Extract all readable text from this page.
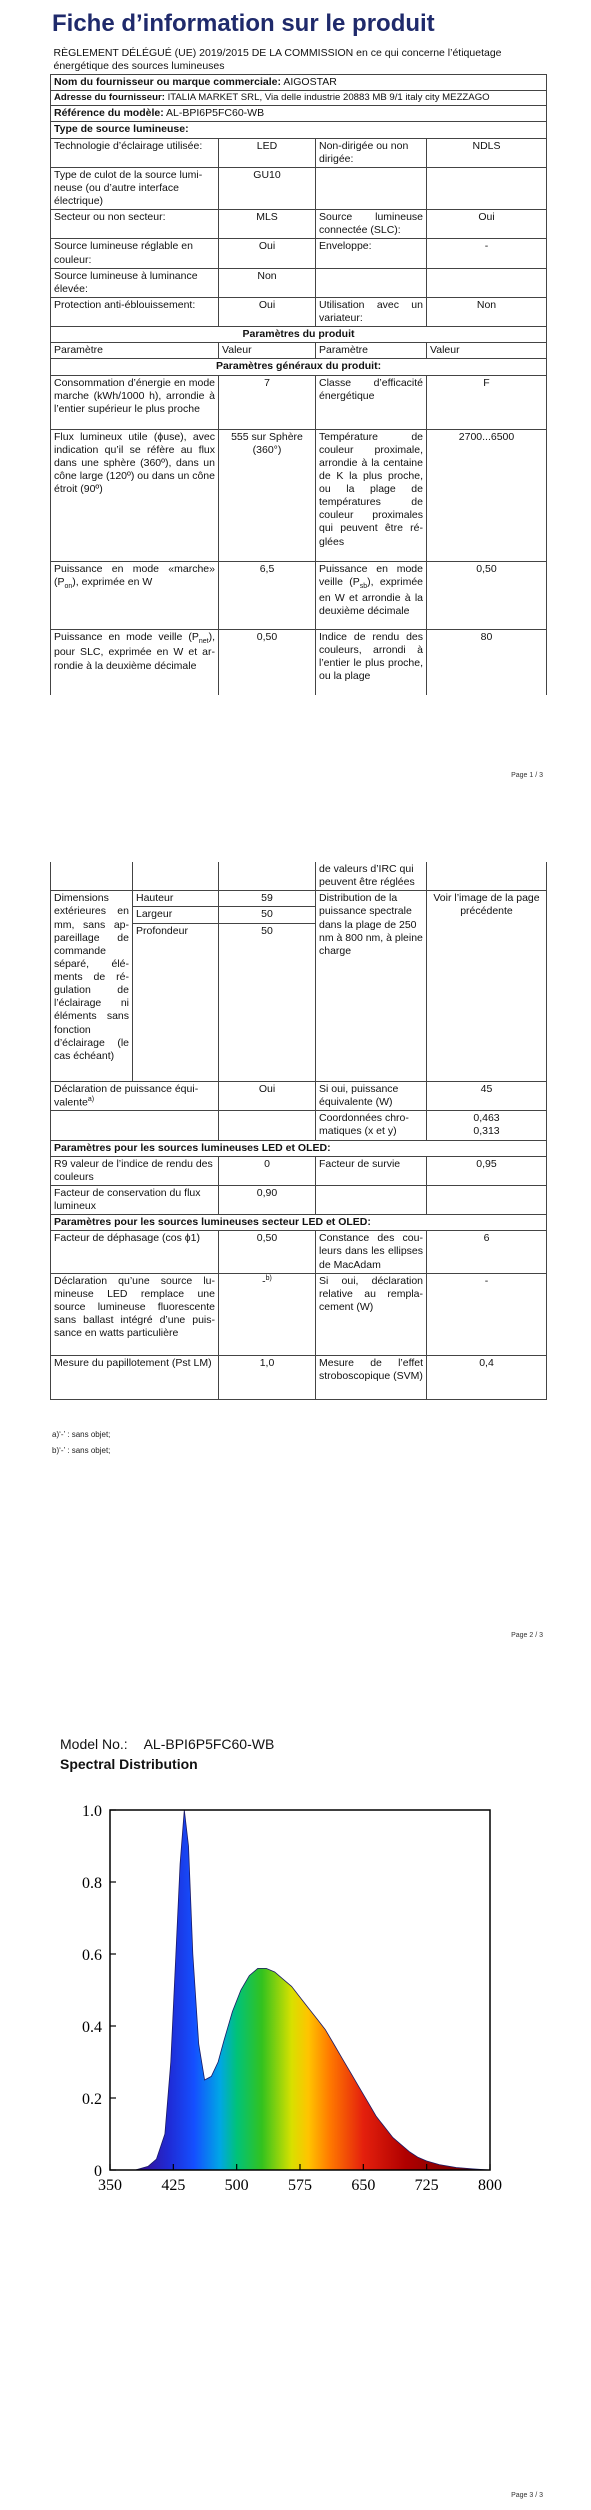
Fiche d’information sur le produit
RÈGLEMENT DÉLÉGUÉ (UE) 2019/2015 DE LA COMMISSION en ce qui concerne l’étiquetage énergétique des sources lumineuses			
Nom du fournisseur ou marque commerciale: AIGOSTAR			
Adresse du fournisseur: ITALIA MARKET SRL, Via delle industrie 20883 MB 9/1 italy city MEZZAGO			
Référence du modèle: AL-BPI6P5FC60-WB			
Type de source lumineuse:			
Technologie d’éclairage utilisée:	LED	Non-dirigée ou non dirigée:	NDLS
Type de culot de la source lumineuse (ou d’autre interface électrique)	GU10		
Secteur ou non secteur:	MLS	Source lumineuse connectée (SLC):	Oui
Source lumineuse réglable en couleur:	Oui	Enveloppe:	-
Source lumineuse à luminance élevée:	Non		
Protection anti-éblouissement:	Oui	Utilisation avec un variateur:	Non
Paramètres du produit			
Paramètre	Valeur	Paramètre	Valeur
Paramètres généraux du produit:			
Consommation d’énergie en mode marche (kWh/1000 h), arrondie à l’entier supérieur le plus proche	7	Classe d’efficacité énergétique	F
Flux lumineux utile (ϕuse), avec indication qu’il se réfère au flux dans une sphère (360º), dans un cône large (120º) ou dans un cône étroit (90º)	555 sur Sphère (360°)	Température de couleur proximale, arrondie à la centaine de K la plus proche, ou la plage de températures de couleur proximales qui peuvent être réglées	2700...6500
Puissance en mode «marche» $(P_{on})$, exprimée en W	6,5	Puissance en mode veille $(P_{sb})$, exprimée en W et arrondie à la deuxième décimale	0,50
Puissance en mode veille $(P_{net})$, pour SLC, exprimée en W et arrondie à la deuxième décimale	0,50	Indice de rendu des couleurs, arrondi à l’entier le plus proche, ou la plage	80
Page 1 / 3
			de valeurs d’IRC qui peuvent être réglées	
Dimensions extérieures en mm, sans appareillage de commande séparé, éléments de régulation de l’éclairage ni éléments sans fonction d’éclairage (le cas échéant)	Hauteur	59	Distribution de la puissance spectrale dans la plage de 250 nm à 800 nm, à pleine charge	Voir l’image de la page précédente
	Largeur	50		
	Profondeur	50		
Déclaration de puissance équivalente$^{a)}$		Oui	Si oui, puissance équivalente (W)	45
			Coordonnées chromatiques (x et y)	0,463
0,313
Paramètres pour les sources lumineuses LED et OLED:				
R9 valeur de l’indice de rendu des couleurs		0	Facteur de survie	0,95
Facteur de conservation du flux lumineux		0,90		
Paramètres pour les sources lumineuses secteur LED et OLED:				
Facteur de déphasage (cos ϕ1)		0,50	Constance des couleurs dans les ellipses de MacAdam	6
Déclaration qu’une source lumineuse LED remplace une source lumineuse fluorescente sans ballast intégré d’une puissance en watts particulière		-$^{b)}$	Si oui, déclaration relative au remplacement (W)	-
Mesure du papillotement (Pst LM)		1,0	Mesure de l’effet stroboscopique (SVM)	0,4
a)‘-’ : sans objet;
b)‘-’ : sans objet;
Page 2 / 3
Model No.: AL-BPI6P5FC60-WB
Spectral Distribution
0
0.2
0.4
0.6
0.8
1.0
350 425 500 575 650 725 800
Page 3 / 3
